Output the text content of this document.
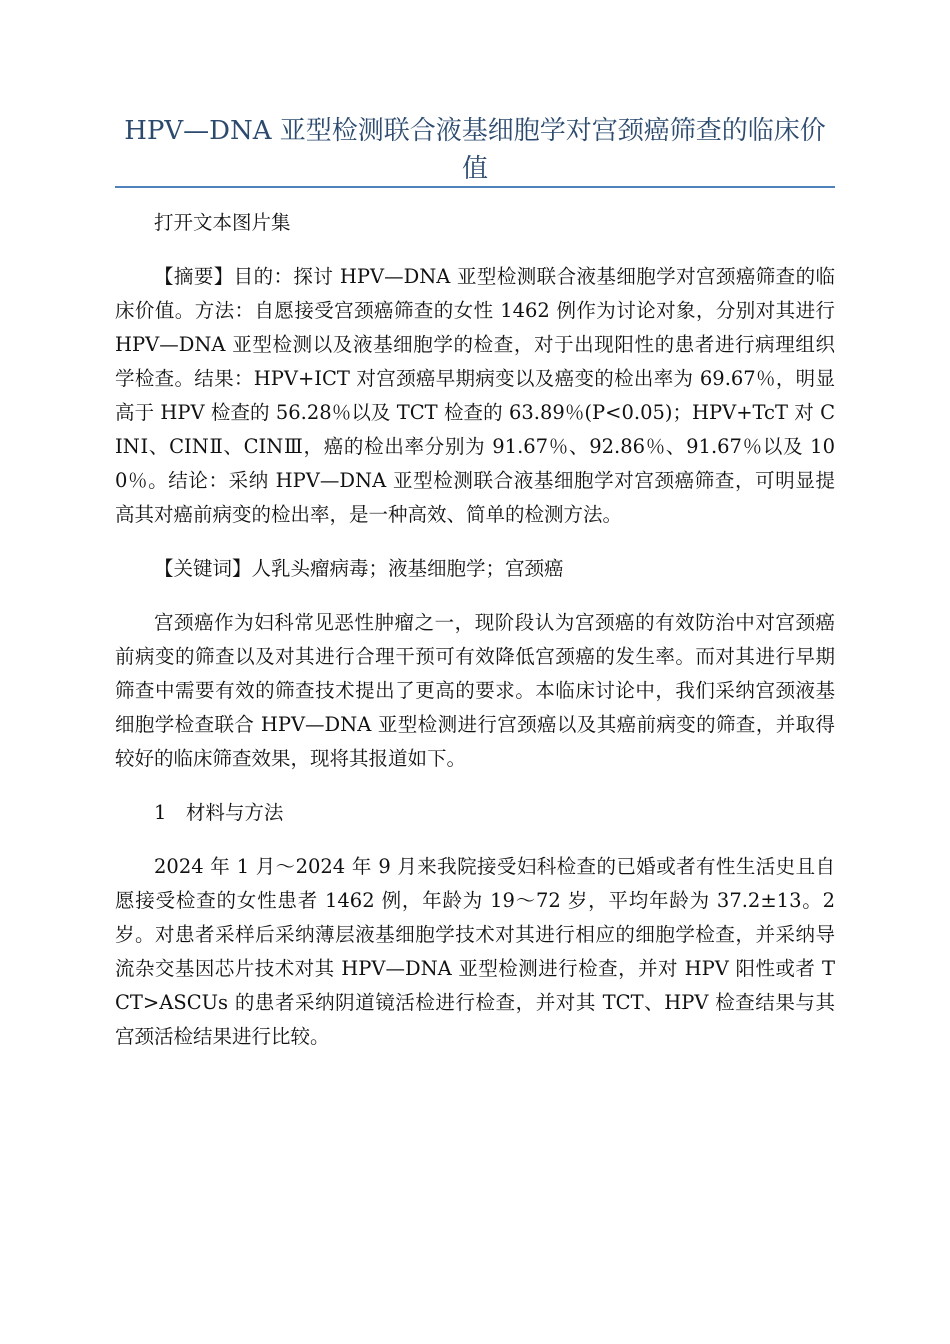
HPV—DNA 亚型检测联合液基细胞学对宫颈癌筛查的临床价值

打开文本图片集

【摘要】目的：探讨 HPV—DNA 亚型检测联合液基细胞学对宫颈癌筛查的临床价值。方法：自愿接受宫颈癌筛查的女性 1462 例作为讨论对象，分别对其进行 HPV—DNA 亚型检测以及液基细胞学的检查，对于出现阳性的患者进行病理组织学检查。结果：HPV+ICT 对宫颈癌早期病变以及癌变的检出率为 69.67％，明显高于 HPV 检查的 56.28％以及 TCT 检查的 63.89％(P<0.05)；HPV+TcT 对 CINⅠ、CINⅡ、CINⅢ，癌的检出率分别为 91.67％、92.86％、91.67％以及 100％。结论：采纳 HPV—DNA 亚型检测联合液基细胞学对宫颈癌筛查，可明显提高其对癌前病变的检出率，是一种高效、简单的检测方法。

【关键词】人乳头瘤病毒；液基细胞学；宫颈癌

宫颈癌作为妇科常见恶性肿瘤之一，现阶段认为宫颈癌的有效防治中对宫颈癌前病变的筛查以及对其进行合理干预可有效降低宫颈癌的发生率。而对其进行早期筛查中需要有效的筛查技术提出了更高的要求。本临床讨论中，我们采纳宫颈液基细胞学检查联合 HPV—DNA 亚型检测进行宫颈癌以及其癌前病变的筛查，并取得较好的临床筛查效果，现将其报道如下。

1　材料与方法

2024 年 1 月～2024 年 9 月来我院接受妇科检查的已婚或者有性生活史且自愿接受检查的女性患者 1462 例，年龄为 19～72 岁，平均年龄为 37.2±13。2 岁。对患者采样后采纳薄层液基细胞学技术对其进行相应的细胞学检查，并采纳导流杂交基因芯片技术对其 HPV—DNA 亚型检测进行检查，并对 HPV 阳性或者 TCT>ASCUs 的患者采纳阴道镜活检进行检查，并对其 TCT、HPV 检查结果与其宫颈活检结果进行比较。
